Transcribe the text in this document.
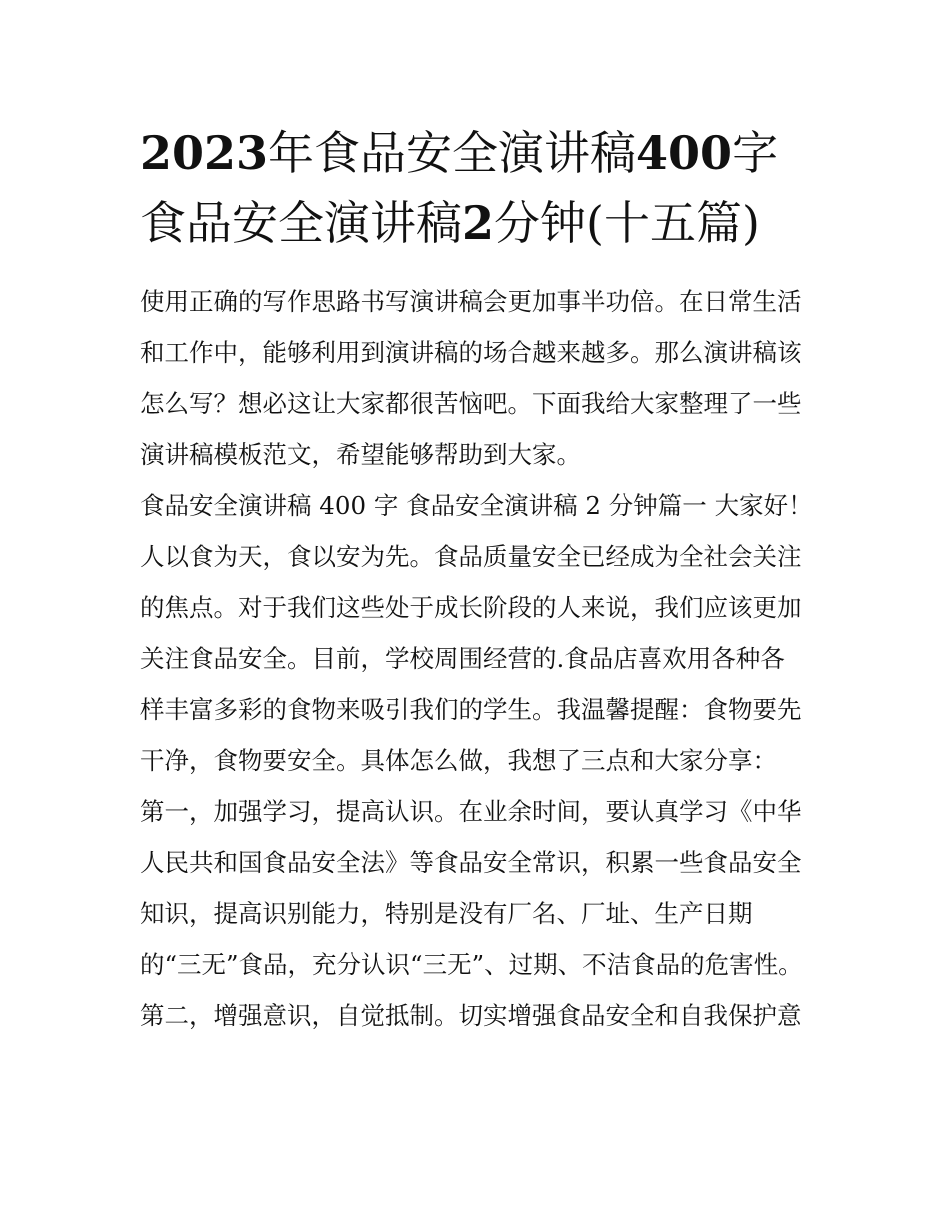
2023年食品安全演讲稿400字食品安全演讲稿2分钟(十五篇)
使用正确的写作思路书写演讲稿会更加事半功倍。在日常生活
和工作中，能够利用到演讲稿的场合越来越多。那么演讲稿该
怎么写？想必这让大家都很苦恼吧。下面我给大家整理了一些
演讲稿模板范文，希望能够帮助到大家。
食品安全演讲稿 400 字 食品安全演讲稿 2 分钟篇一 大家好！
人以食为天，食以安为先。食品质量安全已经成为全社会关注
的焦点。对于我们这些处于成长阶段的人来说，我们应该更加
关注食品安全。目前，学校周围经营的.食品店喜欢用各种各
样丰富多彩的食物来吸引我们的学生。我温馨提醒：食物要先
干净，食物要安全。具体怎么做，我想了三点和大家分享：
第一，加强学习，提高认识。在业余时间，要认真学习《中华
人民共和国食品安全法》等食品安全常识，积累一些食品安全
知识，提高识别能力，特别是没有厂名、厂址、生产日期
的“三无”食品，充分认识“三无”、过期、不洁食品的危害性。
第二，增强意识，自觉抵制。切实增强食品安全和自我保护意
